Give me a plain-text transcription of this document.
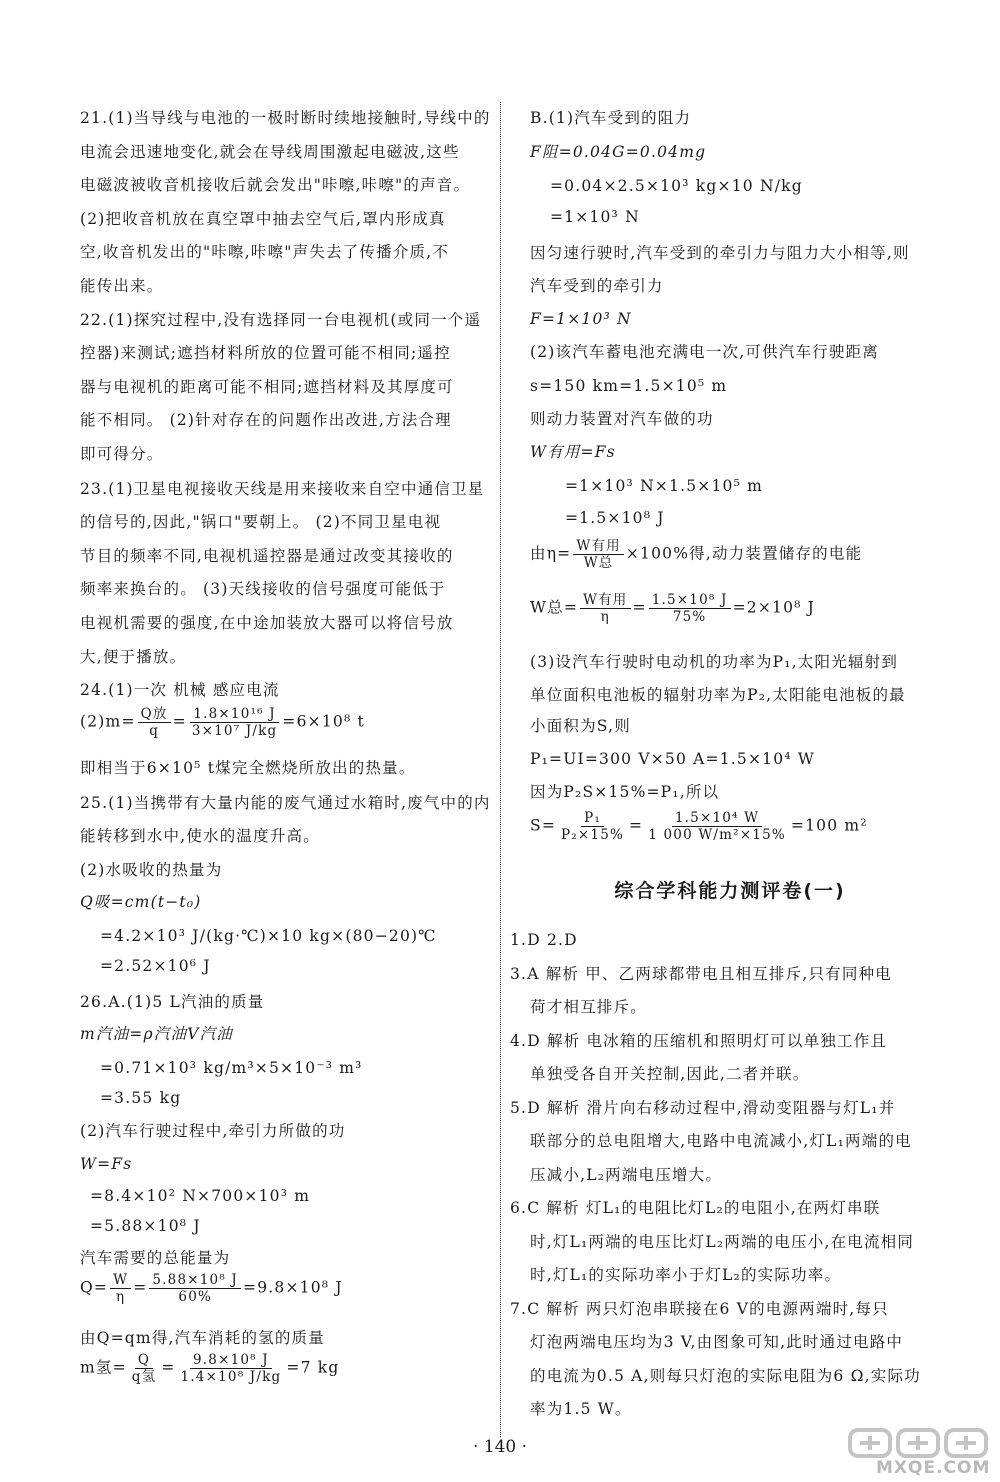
21.(1)当导线与电池的一极时断时续地接触时,导线中的
电流会迅速地变化,就会在导线周围激起电磁波,这些
电磁波被收音机接收后就会发出"咔嚓,咔嚓"的声音。
(2)把收音机放在真空罩中抽去空气后,罩内形成真
空,收音机发出的"咔嚓,咔嚓"声失去了传播介质,不
能传出来。
22.(1)探究过程中,没有选择同一台电视机(或同一个遥
控器)来测试;遮挡材料所放的位置可能不相同;遥控
器与电视机的距离可能不相同;遮挡材料及其厚度可
能不相同。 (2)针对存在的问题作出改进,方法合理
即可得分。
23.(1)卫星电视接收天线是用来接收来自空中通信卫星
的信号的,因此,"锅口"要朝上。 (2)不同卫星电视
节目的频率不同,电视机遥控器是通过改变其接收的
频率来换台的。 (3)天线接收的信号强度可能低于
电视机需要的强度,在中途加装放大器可以将信号放
大,便于播放。
24.(1)一次 机械 感应电流
$(2)m= \frac{\text{Q放}}{q} = \frac{\text{1.8×10¹⁶ J}}{\text{3×10⁷ J/kg}} =6\times 10^8$ t
即相当于6×10⁵ t煤完全燃烧所放出的热量。
25.(1)当携带有大量内能的废气通过水箱时,废气中的内
能转移到水中,使水的温度升高。
(2)水吸收的热量为
Q吸=cm(t−t₀)
=4.2×10³ J/(kg·℃)×10 kg×(80−20)℃
=2.52×10⁶ J
26.A.(1)5 L汽油的质量
m汽油=ρ汽油V汽油
=0.71×10³ kg/m³×5×10⁻³ m³
=3.55 kg
(2)汽车行驶过程中,牵引力所做的功
W=Fs
=8.4×10² N×700×10³ m
=5.88×10⁸ J
汽车需要的总能量为
$Q= \frac{W}{\eta} = \frac{\text{5.88×10⁸ J}}{60\%} =9.8\times 10^8$ J
由Q=qm得,汽车消耗的氢的质量
m氢= $\frac{Q}{\text{q氢}} = \frac{\text{9.8×10⁸ J}}{\text{1.4×10⁸ J/kg}} =7$ kg
B.(1)汽车受到的阻力
F阻=0.04G=0.04mg
=0.04×2.5×10³ kg×10 N/kg
=1×10³ N
因匀速行驶时,汽车受到的牵引力与阻力大小相等,则
汽车受到的牵引力
F=1×10³ N
(2)该汽车蓄电池充满电一次,可供汽车行驶距离
s=150 km=1.5×10⁵ m
则动力装置对汽车做的功
W有用=Fs
=1×10³ N×1.5×10⁵ m
=1.5×10⁸ J
由$\eta= \frac{\text{W有用}}{\text{W总}} \times 100\%$得,动力装置储存的电能
W总= $\frac{\text{W有用}}{\eta} = \frac{\text{1.5×10⁸ J}}{75\%} =2\times 10^8$ J
(3)设汽车行驶时电动机的功率为P₁,太阳光辐射到
单位面积电池板的辐射功率为P₂,太阳能电池板的最
小面积为S,则
P₁=UI=300 V×50 A=1.5×10⁴ W
因为P₂S×15%=P₁,所以
$S= \frac{\text{P₁}}{\text{P₂×15\%}} = \frac{\text{1.5×10⁴ W}}{\text{1 000 W/m²×15\%}} =100$ m²
综合学科能力测评卷(一)
1.D 2.D
3.A 解析 甲、乙两球都带电且相互排斥,只有同种电
荷才相互排斥。
4.D 解析 电冰箱的压缩机和照明灯可以单独工作且
单独受各自开关控制,因此,二者并联。
5.D 解析 滑片向右移动过程中,滑动变阻器与灯L₁并
联部分的总电阻增大,电路中电流减小,灯L₁两端的电
压减小,L₂两端电压增大。
6.C 解析 灯L₁的电阻比灯L₂的电阻小,在两灯串联
时,灯L₁两端的电压比灯L₂两端的电压小,在电流相同
时,灯L₁的实际功率小于灯L₂的实际功率。
7.C 解析 两只灯泡串联接在6 V的电源两端时,每只
灯泡两端电压均为3 V,由图象可知,此时通过电路中
的电流为0.5 A,则每只灯泡的实际电阻为6 Ω,实际功
率为1.5 W。
· 140 ·
MXQE.COM
